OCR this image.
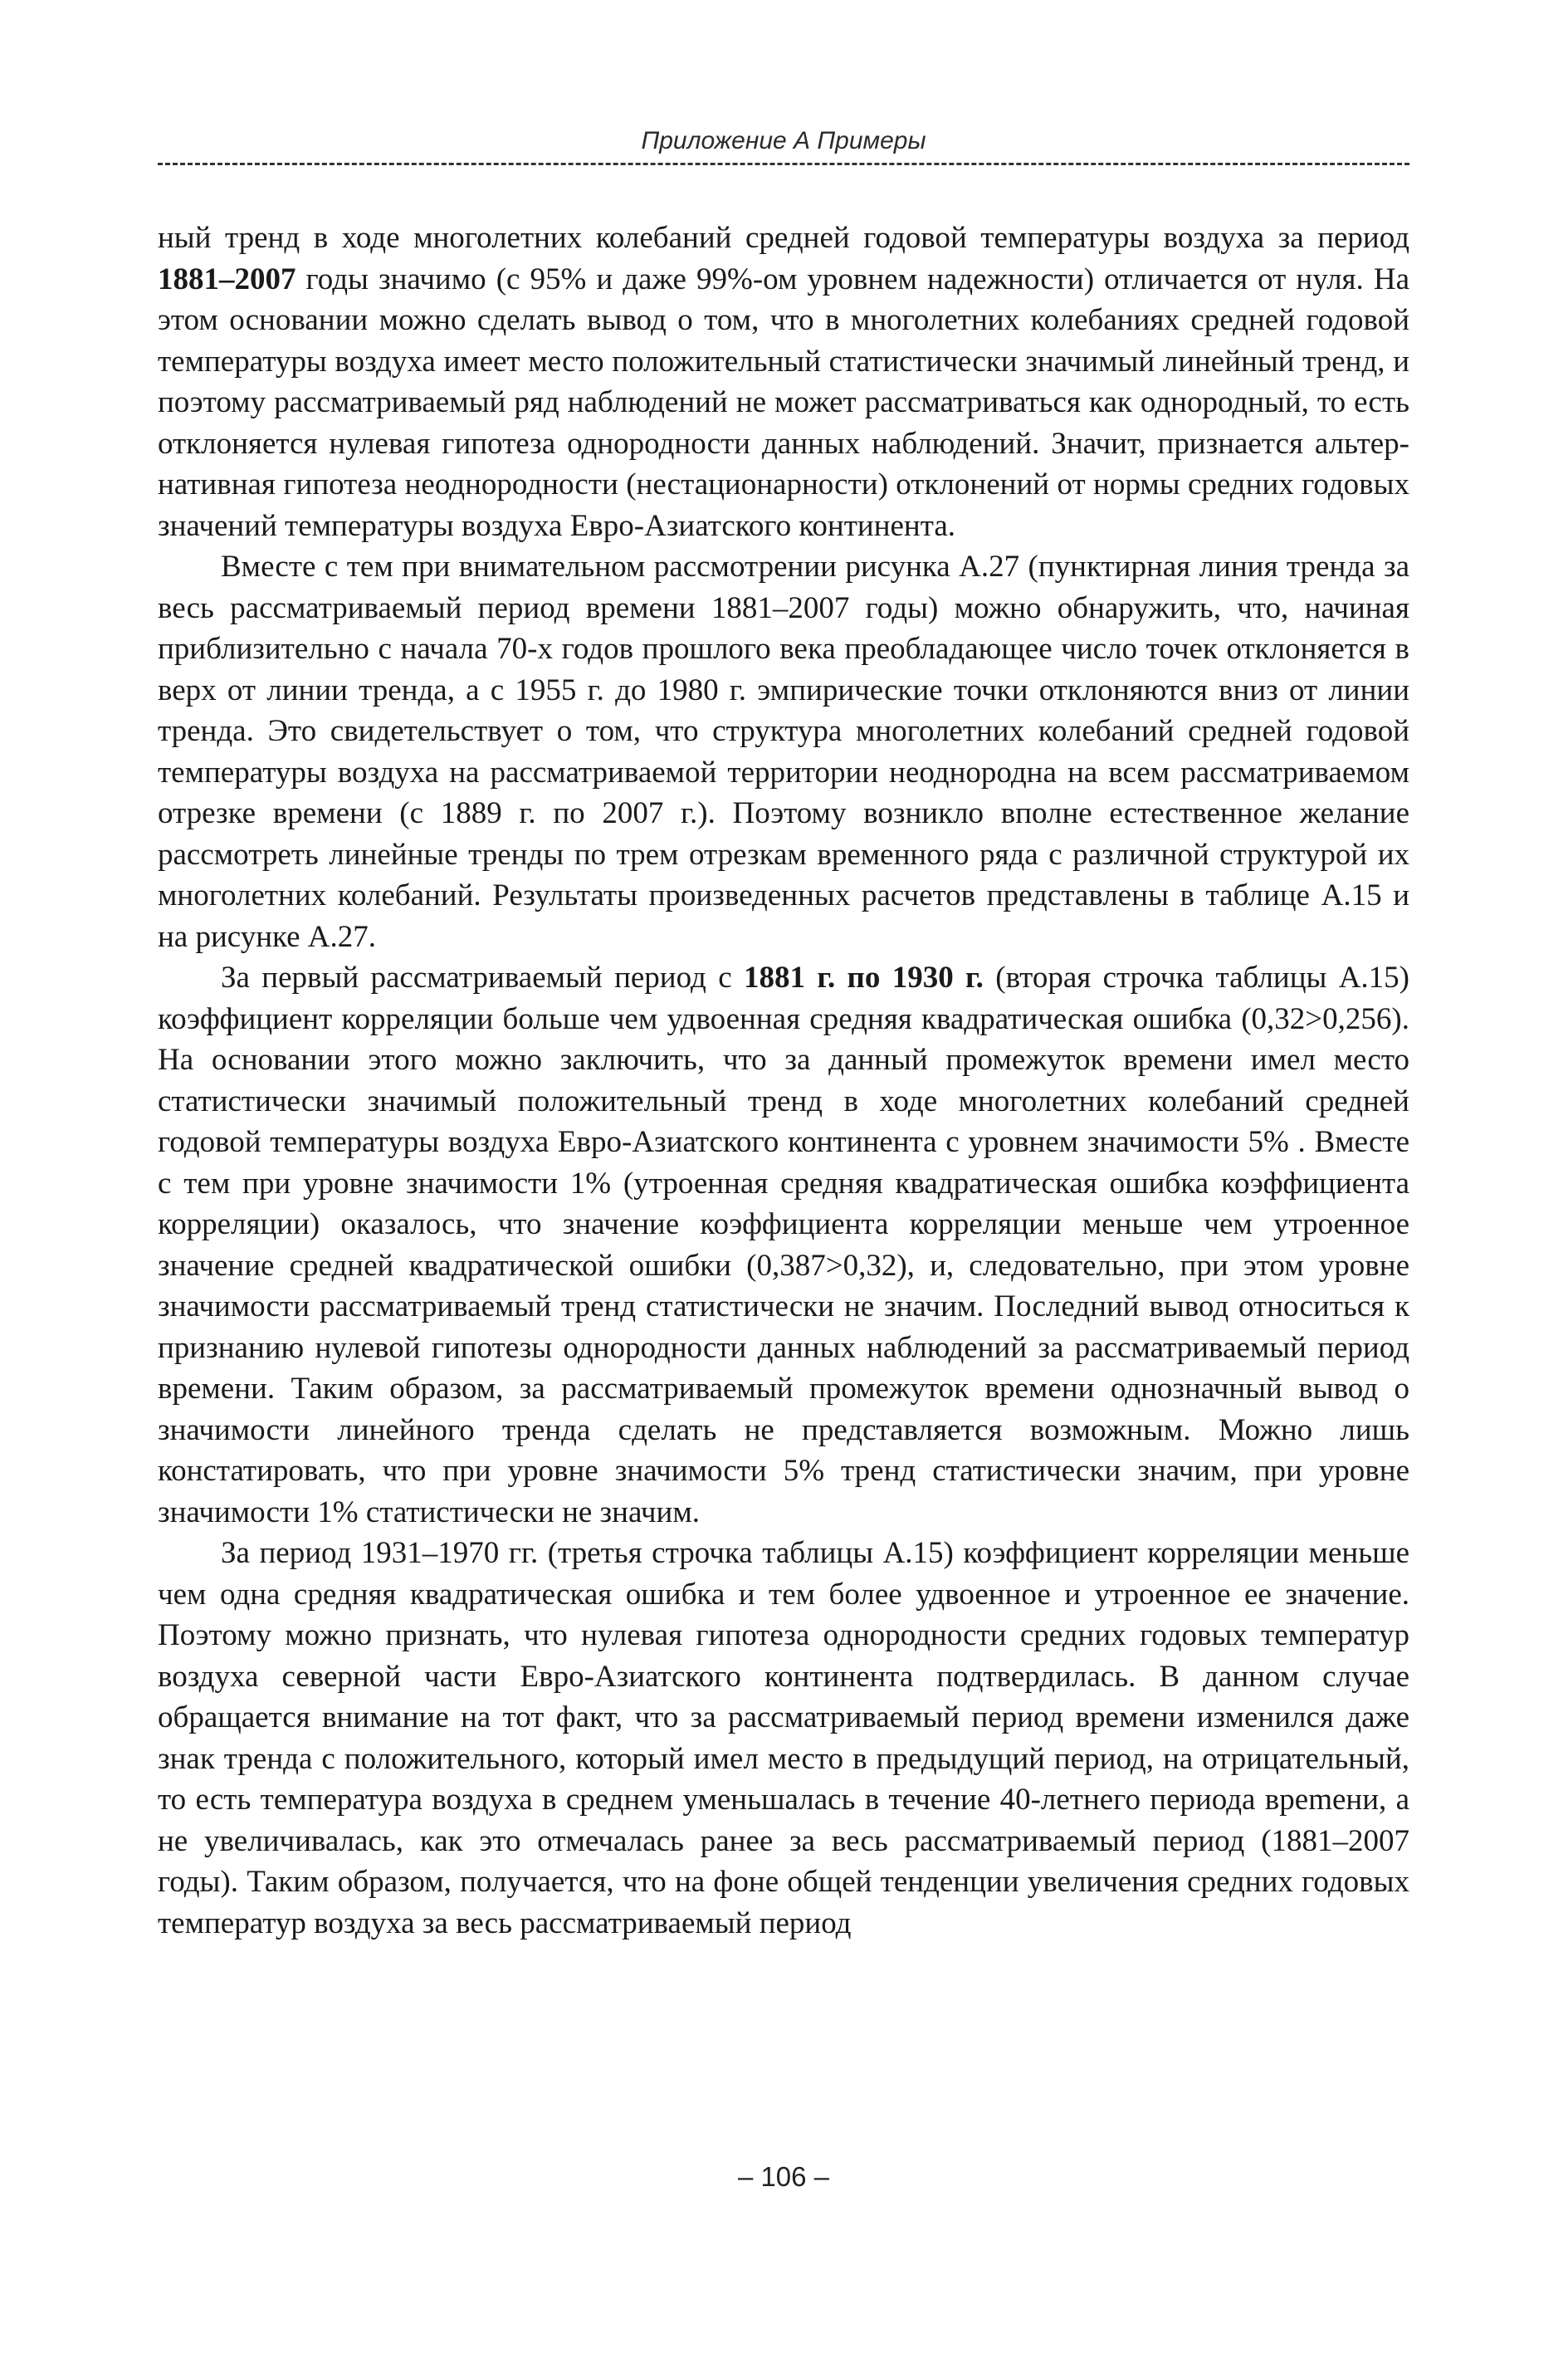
Приложение А Примеры

ный тренд в ходе многолетних колебаний средней годовой температуры воздуха за период 1881–2007 годы значимо (с 95% и даже 99%-ом уровнем надежности) отличается от нуля. На этом основании можно сделать вывод о том, что в многолетних колебаниях средней годовой температуры воздуха имеет место положительный статистически значимый линейный тренд, и поэтому рассматриваемый ряд наблюдений не может рассматриваться как однородный, то есть отклоняется нулевая гипотеза однородности данных наблюдений. Значит, признается альтернативная гипотеза неоднородности (нестационарности) отклонений от нормы средних годовых значений температуры воздуха Евро-Азиатского континента.

Вместе с тем при внимательном рассмотрении рисунка А.27 (пунктирная линия тренда за весь рассматриваемый период времени 1881–2007 годы) можно обнаружить, что, начиная приблизительно с начала 70-х годов прошлого века преобладающее число точек отклоняется в верх от линии тренда, а с 1955 г. до 1980 г. эмпирические точки отклоняются вниз от линии тренда. Это свидетельствует о том, что структура многолетних колебаний средней годовой температуры воздуха на рассматриваемой территории неоднородна на всем рассматриваемом отрезке времени (с 1889 г. по 2007 г.). Поэтому возникло вполне естественное желание рассмотреть линейные тренды по трем отрезкам временного ряда с различной структурой их многолетних колебаний. Результаты произведенных расчетов представлены в таблице А.15 и на рисунке А.27.

За первый рассматриваемый период с 1881 г. по 1930 г. (вторая строчка таблицы А.15) коэффициент корреляции больше чем удвоенная средняя квадратическая ошибка (0,32>0,256). На основании этого можно заключить, что за данный промежуток времени имел место статистически значимый положительный тренд в ходе многолетних колебаний средней годовой температуры воздуха Евро-Азиатского континента с уровнем значимости 5% . Вместе с тем при уровне значимости 1% (утроенная средняя квадратическая ошибка коэффициента корреляции) оказалось, что значение коэффициента корреляции меньше чем утроенное значение средней квадратической ошибки (0,387>0,32), и, следовательно, при этом уровне значимости рассматриваемый тренд статистически не значим. Последний вывод относиться к признанию нулевой гипотезы однородности данных наблюдений за рассматриваемый период времени. Таким образом, за рассматриваемый промежуток времени однозначный вывод о значимости линейного тренда сделать не представляется возможным. Можно лишь констатировать, что при уровне значимости 5% тренд статистически значим, при уровне значимости 1% статистически не значим.

За период 1931–1970 гг. (третья строчка таблицы А.15) коэффициент корреляции меньше чем одна средняя квадратическая ошибка и тем более удвоенное и утроенное ее значение. Поэтому можно признать, что нулевая гипотеза однородности средних годовых температур воздуха северной части Евро-Азиатского континента подтвердилась. В данном случае обращается внимание на тот факт, что за рассматриваемый период времени изменился даже знак тренда с положительного, который имел место в предыдущий период, на отрицательный, то есть температура воздуха в среднем уменьшалась в течение 40-летнего периода вреmени, а не увеличивалась, как это отмечалась ранее за весь рассматриваемый период (1881–2007 годы). Таким образом, получается, что на фоне общей тенденции увеличения средних годовых температур воздуха за весь рассматриваемый период

– 106 –
